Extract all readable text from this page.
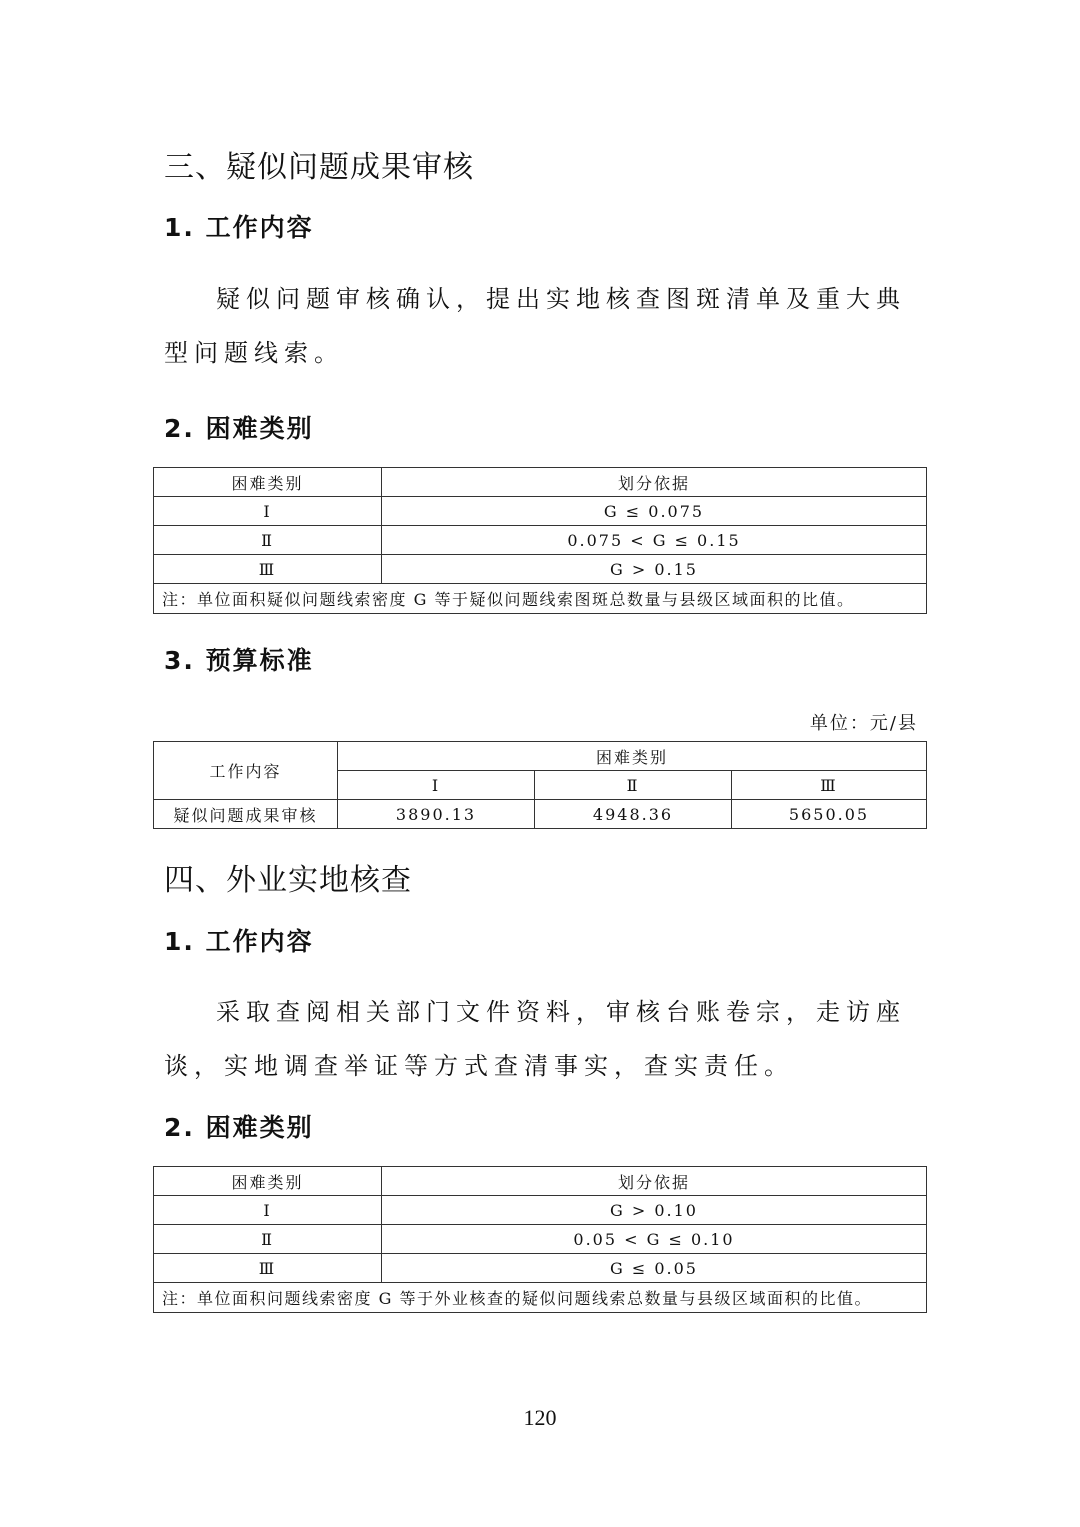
三、疑似问题成果审核
1. 工作内容

疑似问题审核确认，提出实地核查图斑清单及重大典型问题线索。

2. 困难类别
困难类别	划分依据
Ⅰ	G ≤ 0.075
Ⅱ	0.075 < G ≤ 0.15
Ⅲ	G > 0.15
注：单位面积疑似问题线索密度 G 等于疑似问题线索图斑总数量与县级区域面积的比值。	
3. 预算标准
单位：元/县
工作内容	困难类别		
	Ⅰ	Ⅱ	Ⅲ
疑似问题成果审核	3890.13	4948.36	5650.05
四、外业实地核查
1. 工作内容

采取查阅相关部门文件资料，审核台账卷宗，走访座谈，实地调查举证等方式查清事实，查实责任。

2. 困难类别
困难类别	划分依据
Ⅰ	G > 0.10
Ⅱ	0.05 < G ≤ 0.10
Ⅲ	G ≤ 0.05
注：单位面积问题线索密度 G 等于外业核查的疑似问题线索总数量与县级区域面积的比值。	
120
